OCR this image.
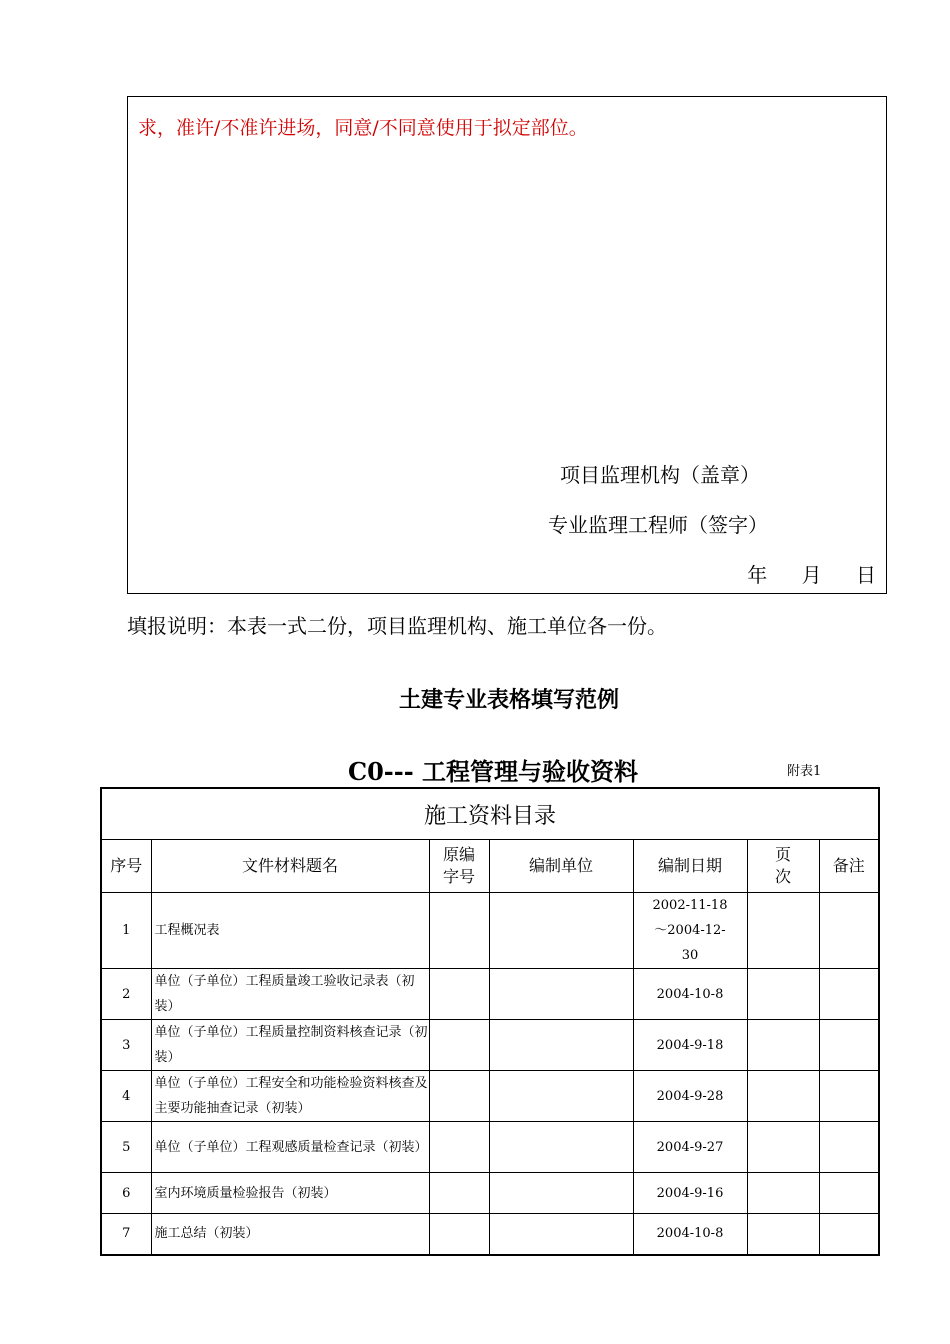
求，准许/不准许进场，同意/不同意使用于拟定部位。
项目监理机构（盖章）
专业监理工程师（签字）
年 月 日
填报说明：本表一式二份，项目监理机构、施工单位各一份。
土建专业表格填写范例
C0--- 工程管理与验收资料	附表1
施工资料目录						
序号	文件材料题名	原编字号	编制单位	编制日期	页次	备注
1	工程概况表			2002-11-18～2004-12-30		
2	单位（子单位）工程质量竣工验收记录表（初装）			2004-10-8		
3	单位（子单位）工程质量控制资料核查记录（初装）			2004-9-18		
4	单位（子单位）工程安全和功能检验资料核查及主要功能抽查记录（初装）			2004-9-28		
5	单位（子单位）工程观感质量检查记录（初装）			2004-9-27		
6	室内环境质量检验报告（初装）			2004-9-16		
7	施工总结（初装）			2004-10-8		
